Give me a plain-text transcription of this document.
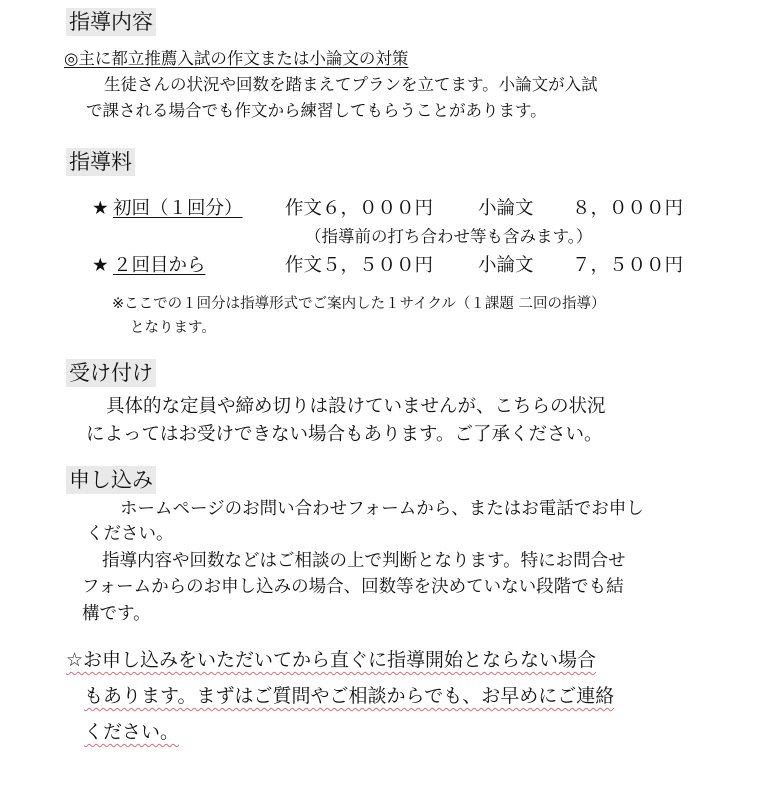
指導内容
◎主に都立推薦入試の作文または小論文の対策
生徒さんの状況や回数を踏まえてプランを立てます。小論文が入試
で課される場合でも作文から練習してもらうことがあります。
指導料
★ 初回（１回分） 作文６，０００円 小論文 ８，０００円
（指導前の打ち合わせ等も含みます。）
★ ２回目から	作文５，５００円 小論文 ７，５００円
※ここでの１回分は指導形式でご案内した１サイクル（１課題 二回の指導）
となります。
受け付け
具体的な定員や締め切りは設けていませんが、こちらの状況
によってはお受けできない場合もあります。ご了承ください。
申し込み
ホームページのお問い合わせフォームから、またはお電話でお申し
ください。
指導内容や回数などはご相談の上で判断となります。特にお問合せ
フォームからのお申し込みの場合、回数等を決めていない段階でも結
構です。
☆お申し込みをいただいてから直ぐに指導開始とならない場合
もあります。まずはご質問やご相談からでも、お早めにご連絡
ください。
